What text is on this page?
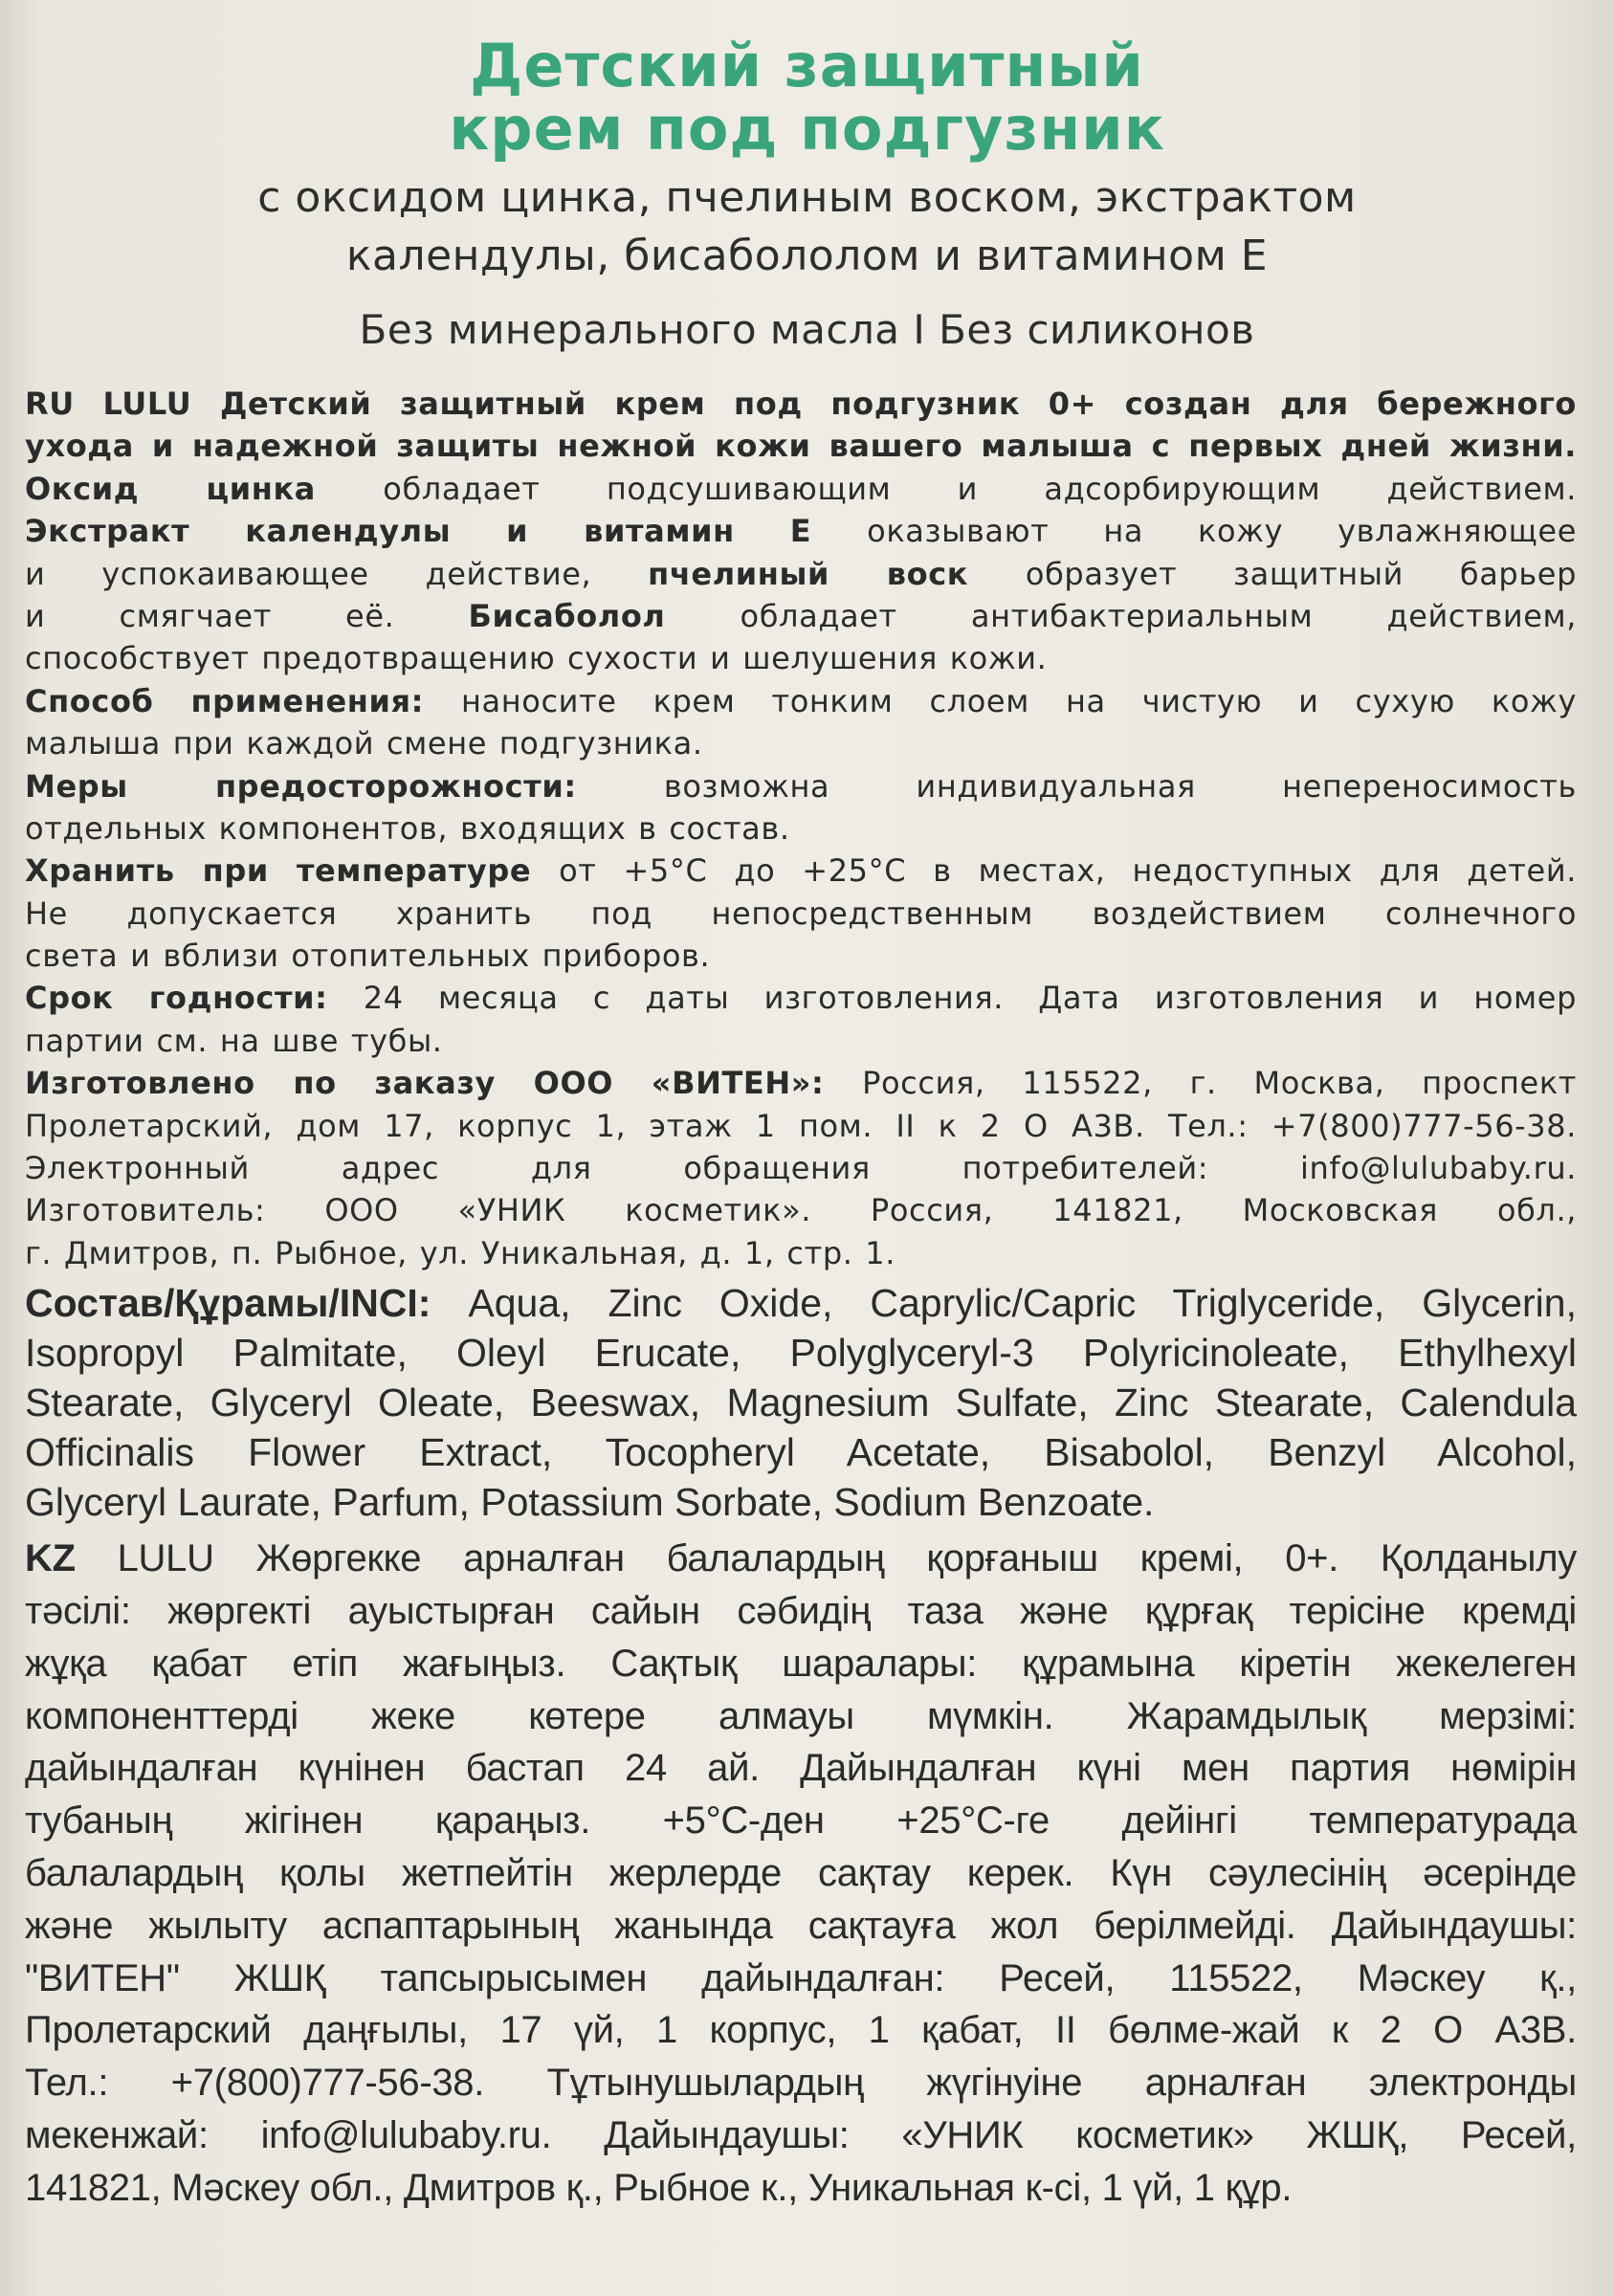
Детский защитный
крем под подгузник
с оксидом цинка, пчелиным воском, экстрактом
календулы, бисабололом и витамином Е
Без минерального масла I Без силиконов
RU LULU Детский защитный крем под подгузник 0+ создан для бережного
ухода и надежной защиты нежной кожи вашего малыша с первых дней жизни.
Оксид цинка обладает подсушивающим и адсорбирующим действием.
Экстракт календулы и витамин Е оказывают на кожу увлажняющее
и успокаивающее действие, пчелиный воск образует защитный барьер
и смягчает её. Бисаболол обладает антибактериальным действием,
способствует предотвращению сухости и шелушения кожи.
Способ применения: наносите крем тонким слоем на чистую и сухую кожу
малыша при каждой смене подгузника.
Меры предосторожности: возможна индивидуальная непереносимость
отдельных компонентов, входящих в состав.
Хранить при температуре от +5°С до +25°С в местах, недоступных для детей.
Не допускается хранить под непосредственным воздействием солнечного
света и вблизи отопительных приборов.
Срок годности: 24 месяца с даты изготовления. Дата изготовления и номер
партии см. на шве тубы.
Изготовлено по заказу ООО «ВИТЕН»: Россия, 115522, г. Москва, проспект
Пролетарский, дом 17, корпус 1, этаж 1 пом. II к 2 О А3В. Тел.: +7(800)777-56-38.
Электронный адрес для обращения потребителей: info@lulubaby.ru.
Изготовитель: ООО «УНИК косметик». Россия, 141821, Московская обл.,
г. Дмитров, п. Рыбное, ул. Уникальная, д. 1, стр. 1.
Состав/Құрамы/INCI: Aqua, Zinc Oxide, Caprylic/Capric Triglyceride, Glycerin,
Isopropyl Palmitate, Oleyl Erucate, Polyglyceryl-3 Polyricinoleate, Ethylhexyl
Stearate, Glyceryl Oleate, Beeswax, Magnesium Sulfate, Zinc Stearate, Calendula
Officinalis Flower Extract, Tocopheryl Acetate, Bisabolol, Benzyl Alcohol,
Glyceryl Laurate, Parfum, Potassium Sorbate, Sodium Benzoate.
KZ LULU Жөргекке арналған балалардың қорғаныш кремі, 0+. Қолданылу
тәсілі: жөргекті ауыстырған сайын сәбидің таза және құрғақ терісіне кремді
жұқа қабат етіп жағыңыз. Сақтық шаралары: құрамына кіретін жекелеген
компоненттерді жеке көтере алмауы мүмкін. Жарамдылық мерзімі:
дайындалған күнінен бастап 24 ай. Дайындалған күні мен партия нөмірін
тубаның жігінен қараңыз. +5°С-ден +25°С-ге дейінгі температурада
балалардың қолы жетпейтін жерлерде сақтау керек. Күн сәулесінің әсерінде
және жылыту аспаптарының жанында сақтауға жол берілмейді. Дайындаушы:
"ВИТЕН" ЖШҚ тапсырысымен дайындалған: Ресей, 115522, Мәскеу қ.,
Пролетарский даңғылы, 17 үй, 1 корпус, 1 қабат, II бөлме-жай к 2 О А3В.
Тел.: +7(800)777-56-38. Тұтынушылардың жүгінуіне арналған электронды
мекенжай: info@lulubaby.ru. Дайындаушы: «УНИК косметик» ЖШҚ, Ресей,
141821, Мәскеу обл., Дмитров қ., Рыбное к., Уникальная к-сі, 1 үй, 1 құр.
